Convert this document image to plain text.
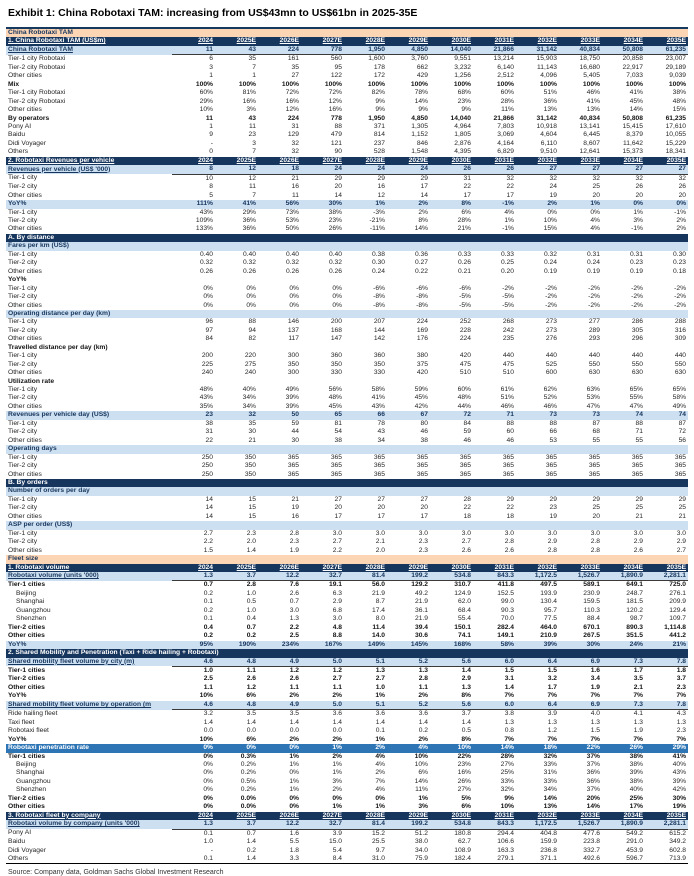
Exhibit 1: China Robotaxi TAM: increasing from US$43mn to US$61bn in 2025-35E
China Robotaxi TAM												
1. China Robotaxi TAM (US$m)	2024	2025E	2026E	2027E	2028E	2029E	2030E	2031E	2032E	2033E	2034E	2035E
China Robotaxi TAM	11	43	224	778	1,950	4,850	14,040	21,866	31,142	40,834	50,808	61,235
Tier-1 city Robotaxi	6	35	161	560	1,600	3,760	9,551	13,214	15,903	18,750	20,858	23,007
Tier-2 city Robotaxi	3	7	35	95	178	662	3,232	6,140	11,143	16,680	22,917	29,189
Other cities	1	1	27	122	172	429	1,256	2,512	4,096	5,405	7,033	9,039
Mix	100%	100%	100%	100%	100%	100%	100%	100%	100%	100%	100%	100%
Tier-1 city Robotaxi	60%	81%	72%	72%	82%	78%	68%	60%	51%	46%	41%	38%
Tier-2 city Robotaxi	29%	16%	16%	12%	9%	14%	23%	28%	36%	41%	45%	48%
Other cities	10%	3%	12%	16%	9%	9%	9%	11%	13%	13%	14%	15%
By operators	11	43	224	778	1,950	4,850	14,040	21,866	31,142	40,834	50,808	61,235
Pony AI	1	11	31	88	371	1,305	4,964	7,803	10,918	13,141	15,415	17,610
Baidu	9	23	129	479	814	1,152	1,805	3,069	4,604	6,445	8,379	10,055
Didi Voyager	-	3	32	121	237	846	2,876	4,164	6,110	8,607	11,642	15,229
Others	0	7	32	90	528	1,548	4,395	6,829	9,510	12,641	15,373	18,341
2. Robotaxi Revenues per vehicle	2024	2025E	2026E	2027E	2028E	2029E	2030E	2031E	2032E	2033E	2034E	2035E
Revenues per vehicle (US$ '000)	8	12	18	24	24	24	26	26	27	27	27	27
Tier-1 city	10	12	21	29	29	29	31	32	32	32	32	32
Tier-2 city	8	11	16	20	16	17	22	22	24	25	26	26
Other cities	5	7	11	14	12	14	17	17	19	20	20	20
YoY%	111%	41%	56%	30%	1%	2%	8%	-1%	2%	1%	0%	0%
Tier-1 city	43%	29%	73%	38%	-3%	2%	6%	4%	0%	0%	1%	-1%
Tier-2 city	109%	36%	53%	23%	-21%	8%	28%	1%	10%	4%	3%	2%
Other cities	133%	36%	50%	26%	-11%	14%	21%	-1%	15%	4%	-1%	2%
A. By distance												
Fares per km (US$)												
Tier-1 city	0.40	0.40	0.40	0.40	0.38	0.36	0.33	0.33	0.32	0.31	0.31	0.30
Tier-2 city	0.32	0.32	0.32	0.32	0.30	0.27	0.26	0.25	0.24	0.24	0.23	0.23
Other cities	0.26	0.26	0.26	0.26	0.24	0.22	0.21	0.20	0.19	0.19	0.19	0.18
YoY%												
Tier-1 city	0%	0%	0%	0%	-6%	-6%	-6%	-2%	-2%	-2%	-2%	-2%
Tier-2 city	0%	0%	0%	0%	-8%	-8%	-5%	-5%	-2%	-2%	-2%	-2%
Other cities	0%	0%	0%	0%	-8%	-8%	-5%	-5%	-2%	-2%	-2%	-2%
Operating distance per day (km)												
Tier-1 city	96	88	146	200	207	224	252	268	273	277	286	288
Tier-2 city	97	94	137	168	144	169	228	242	273	289	305	316
Other cities	84	82	117	147	142	176	224	235	276	293	296	309
Travelled distance per day (km)												
Tier-1 city	200	220	300	360	360	380	420	440	440	440	440	440
Tier-2 city	225	275	350	350	350	375	475	475	525	550	550	550
Other cities	240	240	300	330	330	420	510	510	600	630	630	630
Utilization rate												
Tier-1 city	48%	40%	49%	56%	58%	59%	60%	61%	62%	63%	65%	65%
Tier-2 city	43%	34%	39%	48%	41%	45%	48%	51%	52%	53%	55%	58%
Other cities	35%	34%	39%	45%	43%	42%	44%	46%	46%	47%	47%	49%
Revenues per vehicle day (US$)	23	32	50	65	66	67	72	71	73	73	74	74
Tier-1 city	38	35	59	81	78	80	84	88	88	87	88	87
Tier-2 city	31	30	44	54	43	46	59	60	66	68	71	72
Other cities	22	21	30	38	34	38	46	46	53	55	55	56
Operating days												
Tier-1 city	250	350	365	365	365	365	365	365	365	365	365	365
Tier-2 city	250	350	365	365	365	365	365	365	365	365	365	365
Other cities	250	350	365	365	365	365	365	365	365	365	365	365
B. By orders												
Number of orders per day												
Tier-1 city	14	15	21	27	27	27	28	29	29	29	29	29
Tier-2 city	14	15	19	20	20	20	22	22	23	25	25	25
Other cities	14	15	16	17	17	17	18	18	19	20	21	21
ASP per order (US$)												
Tier-1 city	2.7	2.3	2.8	3.0	3.0	3.0	3.0	3.0	3.0	3.0	3.0	3.0
Tier-2 city	2.2	2.0	2.3	2.7	2.1	2.3	2.7	2.8	2.9	2.8	2.9	2.9
Other cities	1.5	1.4	1.9	2.2	2.0	2.3	2.6	2.6	2.8	2.8	2.6	2.7
Fleet size												
1. Robotaxi volume	2024	2025E	2026E	2027E	2028E	2029E	2030E	2031E	2032E	2033E	2034E	2035E
Robotaxi volume (units '000)	1.3	3.7	12.2	32.7	81.4	199.2	534.8	843.3	1,172.5	1,526.7	1,890.9	2,281.1
Tier-1 cities	0.7	2.8	7.6	19.1	56.0	129.2	310.7	411.8	497.5	589.1	649.1	725.0
Beijing	0.2	1.0	2.6	6.3	21.9	49.2	124.9	152.5	193.9	230.9	248.7	276.1
Shanghai	0.1	0.5	0.7	2.9	8.7	21.9	62.0	99.0	130.4	159.5	181.5	209.9
Guangzhou	0.2	1.0	3.0	6.8	17.4	36.1	68.4	90.3	95.7	110.3	120.2	129.4
Shenzhen	0.1	0.4	1.3	3.0	8.0	21.9	55.4	70.0	77.5	88.4	98.7	109.7
Tier-2 cities	0.4	0.7	2.2	4.8	11.4	39.4	150.1	282.4	464.0	670.1	890.3	1,114.8
Other cities	0.2	0.2	2.5	8.8	14.0	30.6	74.1	149.1	210.9	267.5	351.5	441.2
YoY%	95%	190%	234%	167%	149%	145%	168%	58%	39%	30%	24%	21%
2. Shared Mobility and Penetration (Taxi + Ride hailing + Robotaxi)												
Shared mobility fleet volume by city (m)	4.6	4.8	4.9	5.0	5.1	5.2	5.6	6.0	6.4	6.9	7.3	7.8
Tier-1 cities	1.0	1.1	1.2	1.2	1.3	1.3	1.4	1.5	1.5	1.6	1.7	1.8
Tier-2 cities	2.5	2.6	2.6	2.7	2.7	2.8	2.9	3.1	3.2	3.4	3.5	3.7
Other cities	1.1	1.2	1.1	1.1	1.0	1.1	1.3	1.4	1.7	1.9	2.1	2.3
YoY%	10%	6%	2%	2%	1%	2%	8%	7%	7%	7%	7%	7%
Shared mobility fleet volume by operation (m	4.6	4.8	4.9	5.0	5.1	5.2	5.6	6.0	6.4	6.9	7.3	7.8
Ride hailing fleet	3.2	3.5	3.5	3.6	3.6	3.6	3.7	3.8	3.9	4.0	4.1	4.3
Taxi fleet	1.4	1.4	1.4	1.4	1.4	1.4	1.4	1.3	1.3	1.3	1.3	1.3
Robotaxi fleet	0.0	0.0	0.0	0.0	0.1	0.2	0.5	0.8	1.2	1.5	1.9	2.3
YoY%	10%	6%	2%	2%	1%	2%	8%	7%	7%	7%	7%	7%
Robotaxi penetration rate	0%	0%	0%	1%	2%	4%	10%	14%	18%	22%	26%	29%
Tier-1 cities	0%	0.3%	1%	2%	4%	10%	22%	28%	32%	37%	38%	41%
Beijing	0%	0.2%	1%	1%	4%	10%	23%	27%	33%	37%	38%	40%
Shanghai	0%	0.2%	0%	1%	2%	6%	16%	25%	31%	36%	39%	43%
Guangzhou	0%	0.5%	1%	3%	7%	14%	26%	33%	33%	36%	38%	39%
Shenzhen	0%	0.2%	1%	2%	4%	11%	27%	32%	34%	37%	40%	42%
Tier-2 cities	0%	0.0%	0%	0%	0%	1%	5%	9%	14%	20%	25%	30%
Other cities	0%	0.0%	0%	1%	1%	3%	6%	10%	13%	14%	17%	19%
3. Robotaxi fleet by company	2024	2025E	2026E	2027E	2028E	2029E	2030E	2031E	2032E	2033E	2034E	2035E
Robotaxi volume by company (units '000)	1.3	3.7	12.2	32.7	81.4	199.2	534.8	843.3	1,172.5	1,526.7	1,890.9	2,281.1
Pony AI	0.1	0.7	1.6	3.9	15.2	51.2	180.8	294.4	404.8	477.6	549.2	615.2
Baidu	1.0	1.4	5.5	15.0	25.5	38.0	62.7	106.6	159.9	223.8	291.0	349.2
Didi Voyager	-	0.2	1.8	5.4	9.7	34.0	108.9	163.3	236.8	332.7	453.9	602.8
Others	0.1	1.4	3.3	8.4	31.0	75.9	182.4	279.1	371.1	492.6	596.7	713.9
Source: Company data, Goldman Sachs Global Investment Research
